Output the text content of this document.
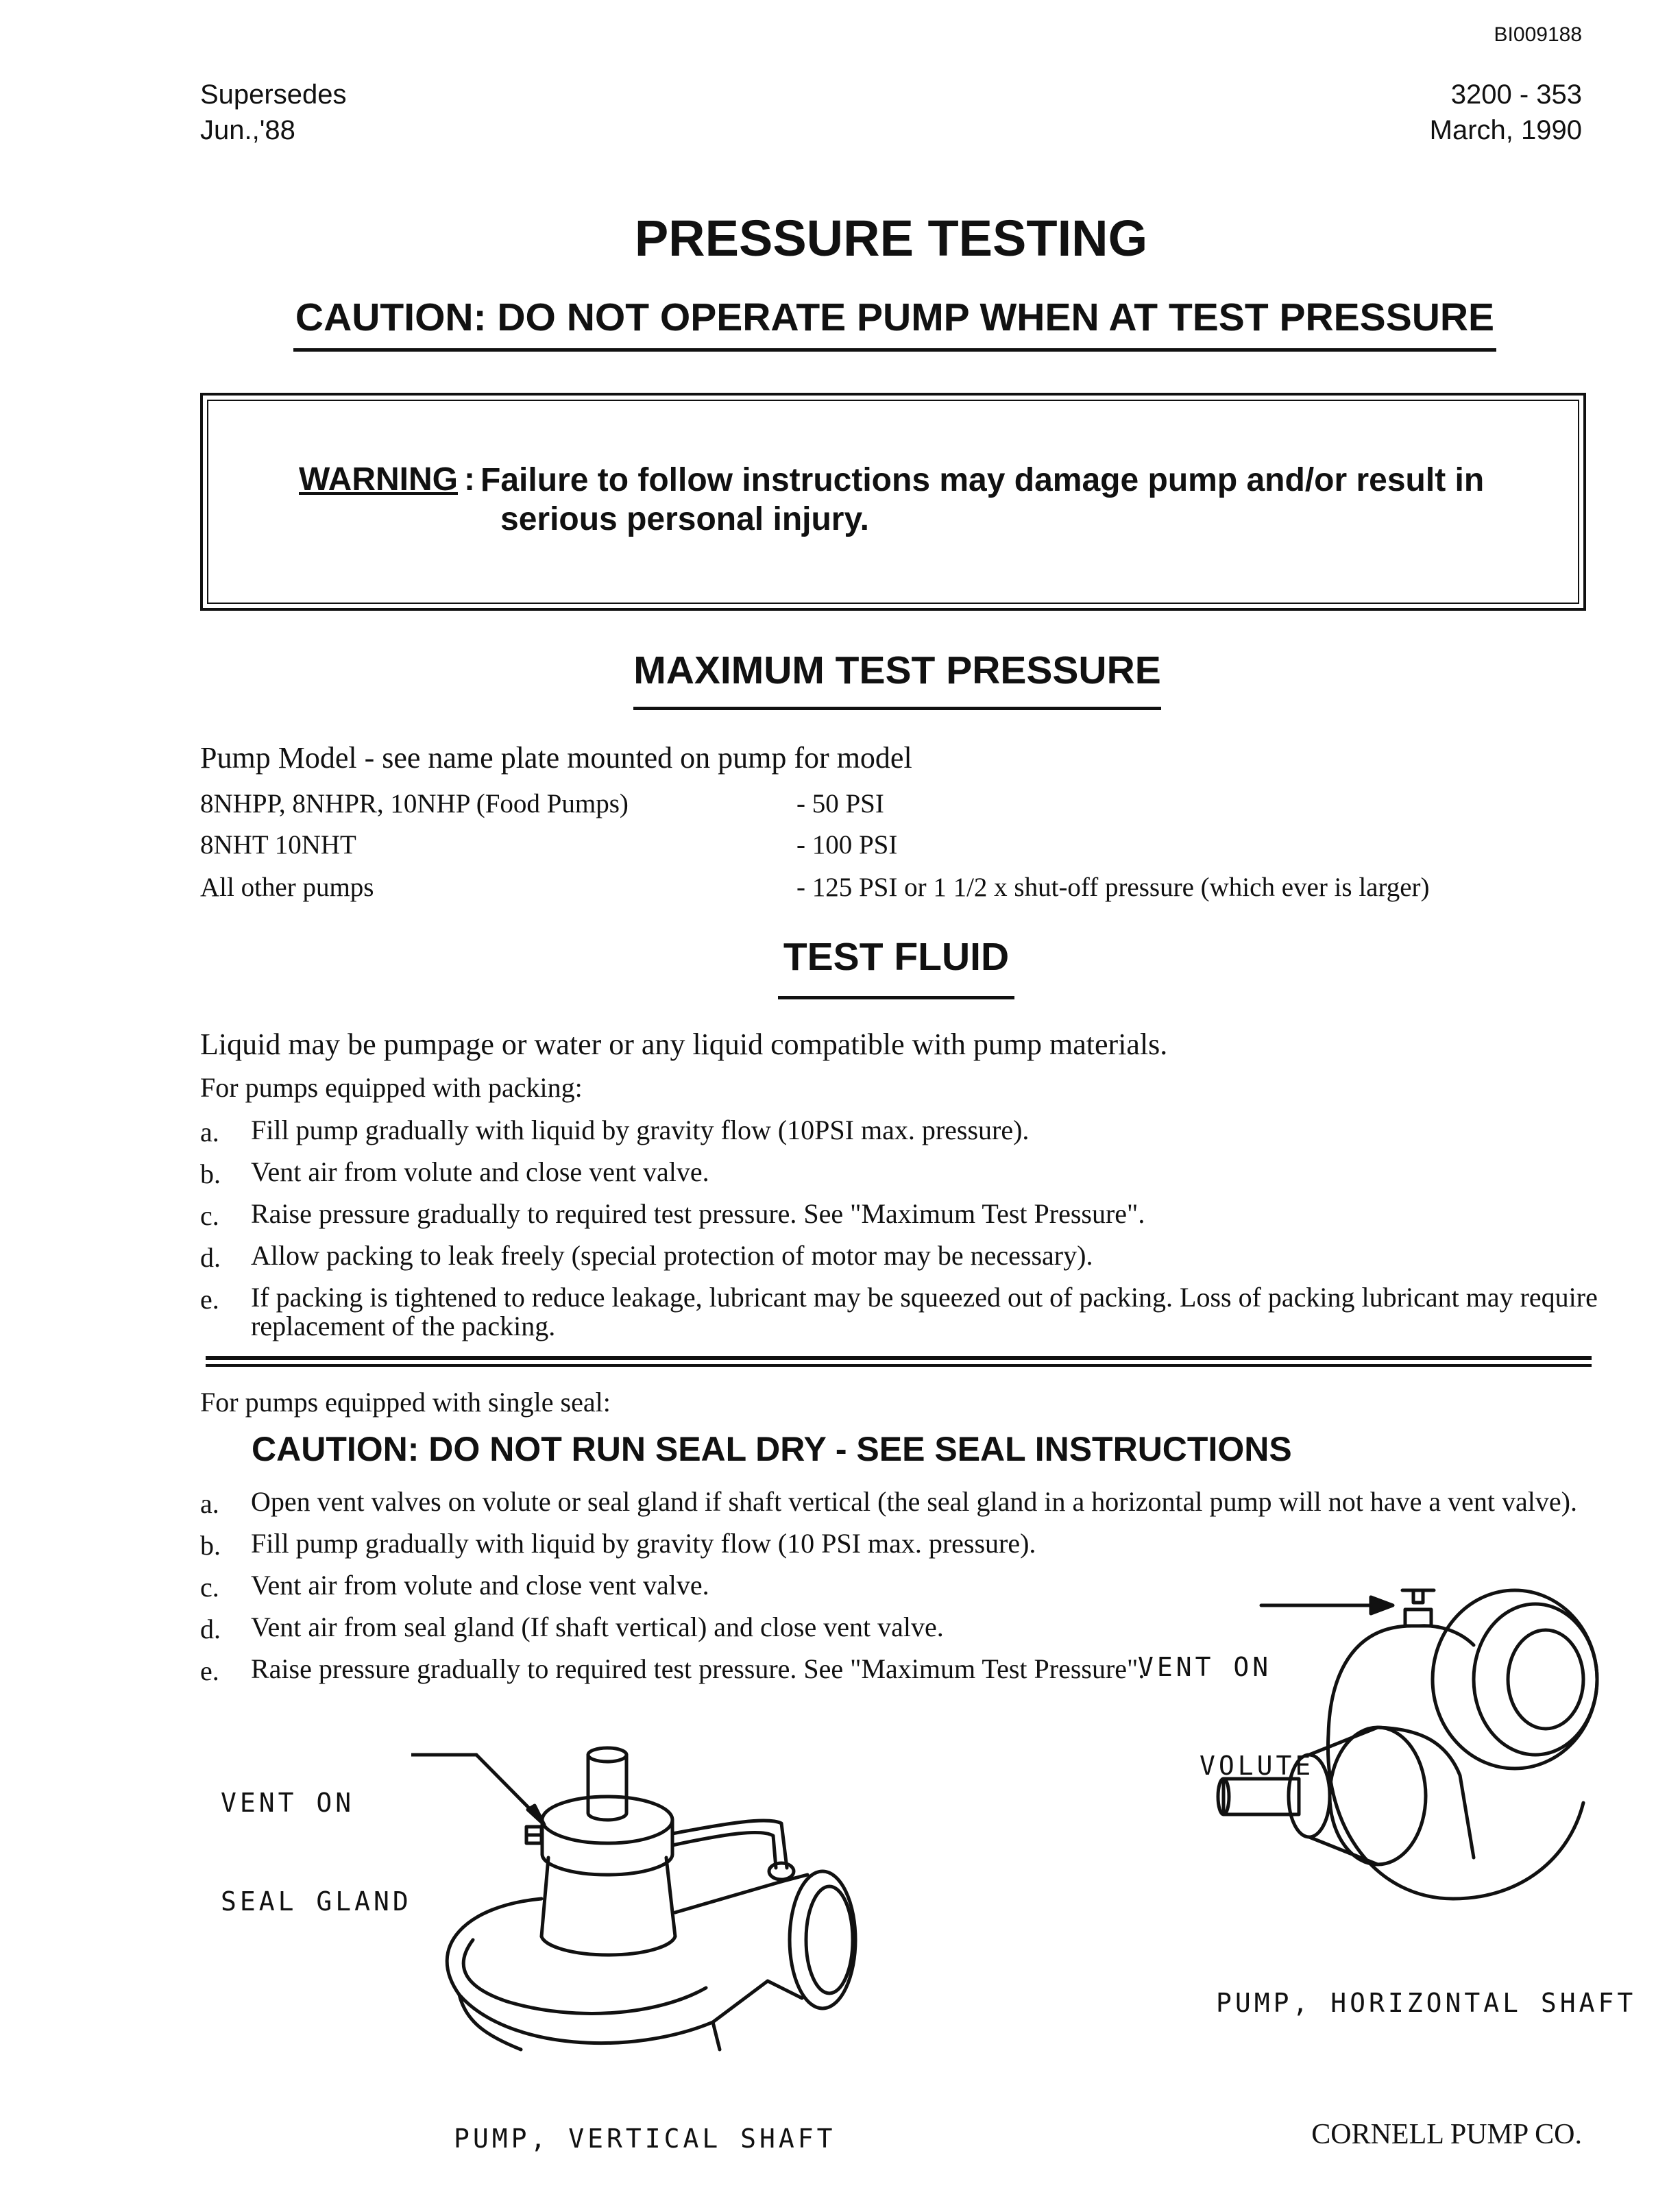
BI009188
Supersedes
Jun.,'88
3200 - 353
March, 1990
PRESSURE TESTING
CAUTION: DO NOT OPERATE PUMP WHEN AT TEST PRESSURE
WARNING : Failure to follow instructions may damage pump and/or result in
serious personal injury.
MAXIMUM TEST PRESSURE
Pump Model - see name plate mounted on pump for model
8NHPP, 8NHPR, 10NHP (Food Pumps)	- 50 PSI
8NHT 10NHT	- 100 PSI
All other pumps	- 125 PSI or 1 1/2 x shut-off pressure (which ever is larger)
TEST FLUID
Liquid may be pumpage or water or any liquid compatible with pump materials.
For pumps equipped with packing:
a. Fill pump gradually with liquid by gravity flow (10PSI max. pressure).
b. Vent air from volute and close vent valve.
c. Raise pressure gradually to required test pressure. See "Maximum Test Pressure".
d. Allow packing to leak freely (special protection of motor may be necessary).
e. If packing is tightened to reduce leakage, lubricant may be squeezed out of packing. Loss of packing lubricant may require replacement of the packing.
For pumps equipped with single seal:
CAUTION: DO NOT RUN SEAL DRY - SEE SEAL INSTRUCTIONS
a. Open vent valves on volute or seal gland if shaft vertical (the seal gland in a horizontal pump will not have a vent valve).
b. Fill pump gradually with liquid by gravity flow (10 PSI max. pressure).
c. Vent air from volute and close vent valve.
d. Vent air from seal gland (If shaft vertical) and close vent valve.
e. Raise pressure gradually to required test pressure. See "Maximum Test Pressure".

VENT ON

VOLUTE

VENT ON

SEAL GLAND

PUMP, HORIZONTAL SHAFT
PUMP, VERTICAL SHAFT	CORNELL PUMP CO.
